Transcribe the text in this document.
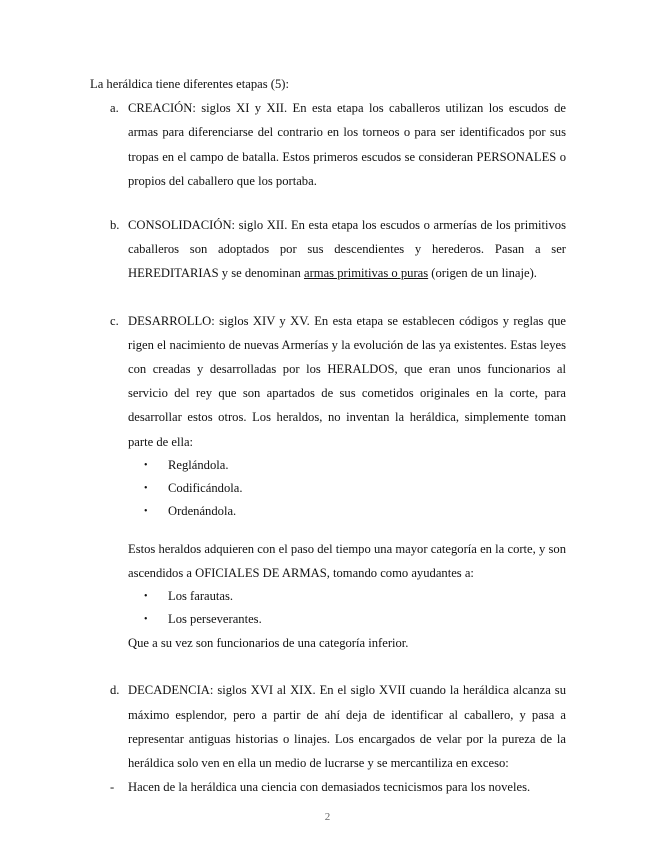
La heráldica tiene diferentes etapas (5):
a. CREACIÓN: siglos XI y XII. En esta etapa los caballeros utilizan los escudos de armas para diferenciarse del contrario en los torneos o para ser identificados por sus tropas en el campo de batalla. Estos primeros escudos se consideran PERSONALES o propios del caballero que los portaba.
b. CONSOLIDACIÓN: siglo XII. En esta etapa los escudos o armerías de los primitivos caballeros son adoptados por sus descendientes y herederos. Pasan a ser HEREDITARIAS y se denominan armas primitivas o puras (origen de un linaje).
c. DESARROLLO: siglos XIV y XV. En esta etapa se establecen códigos y reglas que rigen el nacimiento de nuevas Armerías y la evolución de las ya existentes. Estas leyes con creadas y desarrolladas por los HERALDOS, que eran unos funcionarios al servicio del rey que son apartados de sus cometidos originales en la corte, para desarrollar estos otros. Los heraldos, no inventan la heráldica, simplemente toman parte de ella:
• Reglándola.
• Codificándola.
• Ordenándola.
Estos heraldos adquieren con el paso del tiempo una mayor categoría en la corte, y son ascendidos a OFICIALES DE ARMAS, tomando como ayudantes a:
• Los farautas.
• Los perseverantes.
Que a su vez son funcionarios de una categoría inferior.
d. DECADENCIA: siglos XVI al XIX. En el siglo XVII cuando la heráldica alcanza su máximo esplendor, pero a partir de ahí deja de identificar al caballero, y pasa a representar antiguas historias o linajes. Los encargados de velar por la pureza de la heráldica solo ven en ella un medio de lucrarse y se mercantiliza en exceso:
- Hacen de la heráldica una ciencia con demasiados tecnicismos para los noveles.
2
